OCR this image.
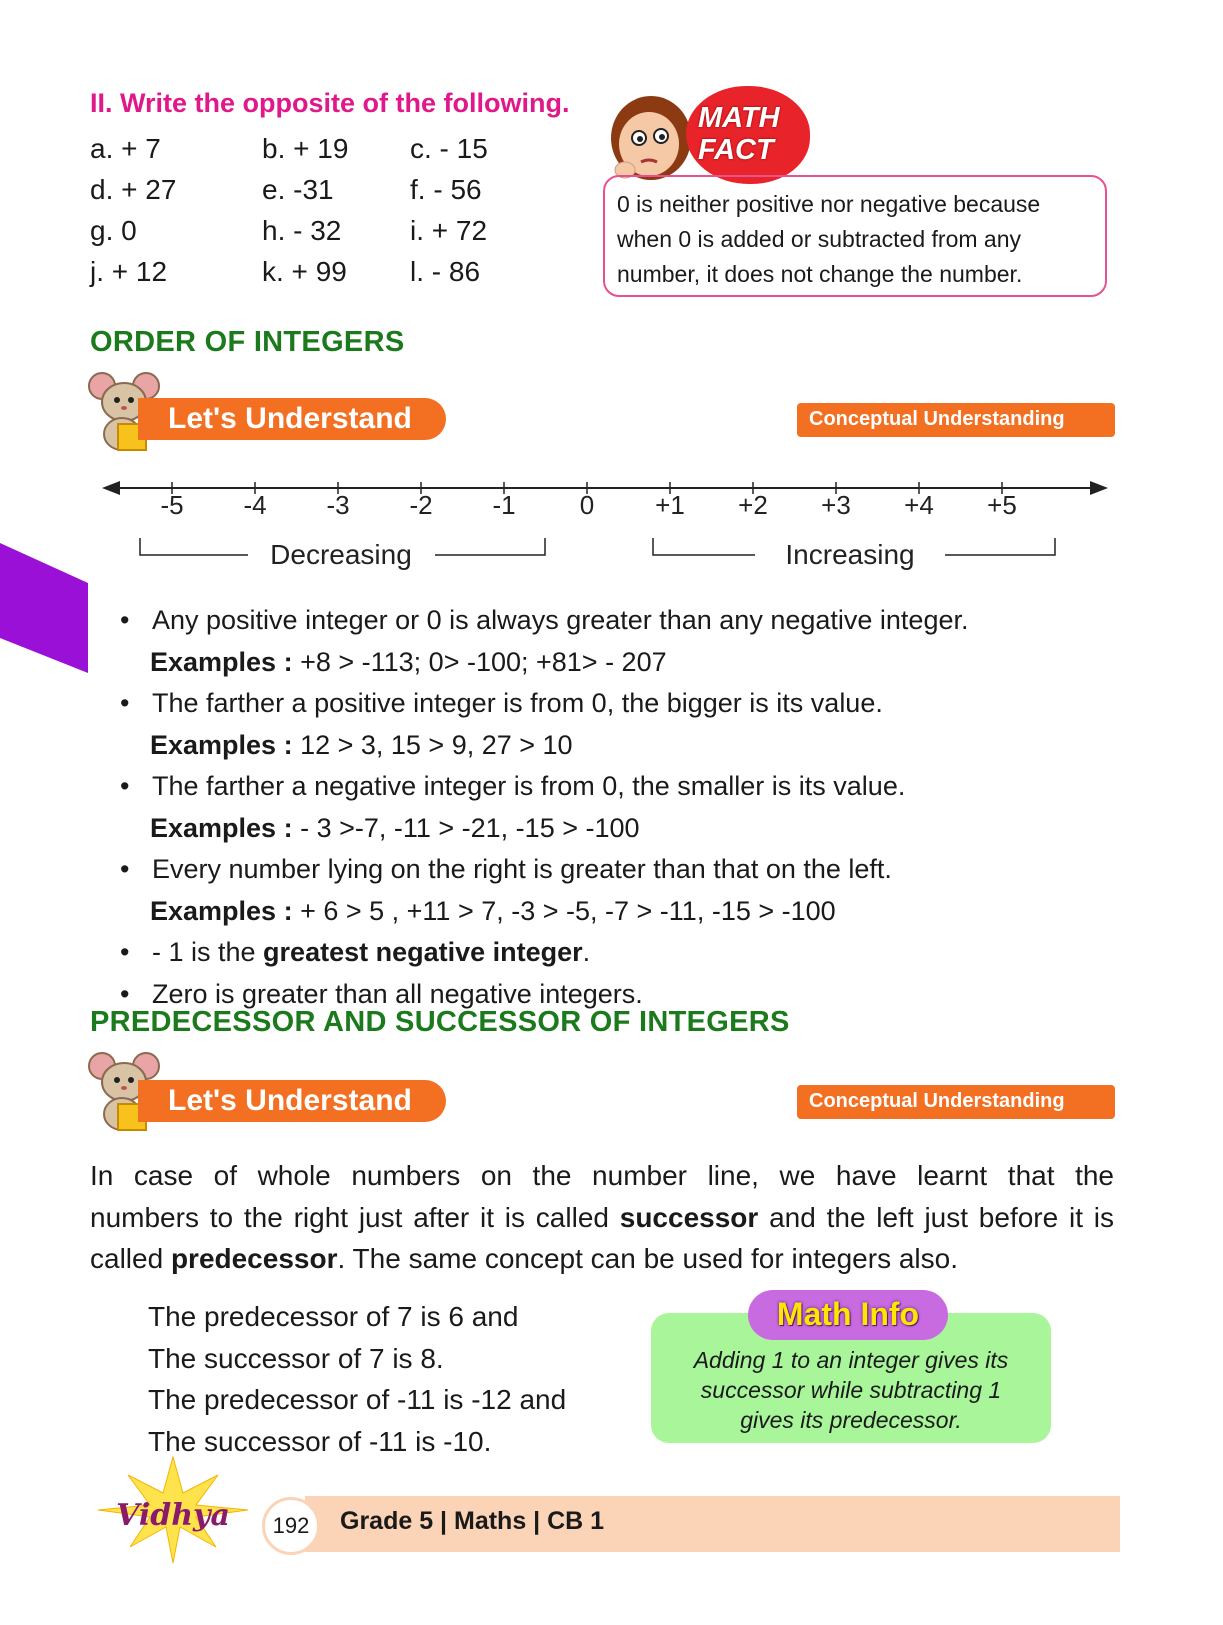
II. Write the opposite of the following.
a. + 7	b. + 19 c. - 15
d. + 27	e. -31	f. - 56
g. 0	h. - 32 i. + 72
j. + 12	k. + 99 l. - 86
MATH
FACT
0 is neither positive nor negative because
when 0 is added or subtracted from any
number, it does not change the number.
ORDER OF INTEGERS
Let's Understand	Conceptual Understanding
-5 -4 -3 -2 -1 0 +1 +2 +3 +4 +5
Decreasing	Increasing
• Any positive integer or 0 is always greater than any negative integer.
Examples : +8 > -113; 0> -100; +81> - 207
• The farther a positive integer is from 0, the bigger is its value.
Examples : 12 > 3, 15 > 9, 27 > 10
• The farther a negative integer is from 0, the smaller is its value.
Examples : - 3 >-7, -11 > -21, -15 > -100
• Every number lying on the right is greater than that on the left.
Examples : + 6 > 5 , +11 > 7, -3 > -5, -7 > -11, -15 > -100
• - 1 is the greatest negative integer.
• Zero is greater than all negative integers.
PREDECESSOR AND SUCCESSOR OF INTEGERS
Let's Understand	Conceptual Understanding

In case of whole numbers on the number line, we have learnt that the

numbers to the right just after it is called successor and the left just before it is

called predecessor. The same concept can be used for integers also.

The predecessor of 7 is 6 and
The successor of 7 is 8.
The predecessor of -11 is -12 and
The successor of -11 is -10.
Adding 1 to an integer gives its
successor while subtracting 1
gives its predecessor.
Math Info
Vidhya	192	Grade 5 | Maths | CB 1
